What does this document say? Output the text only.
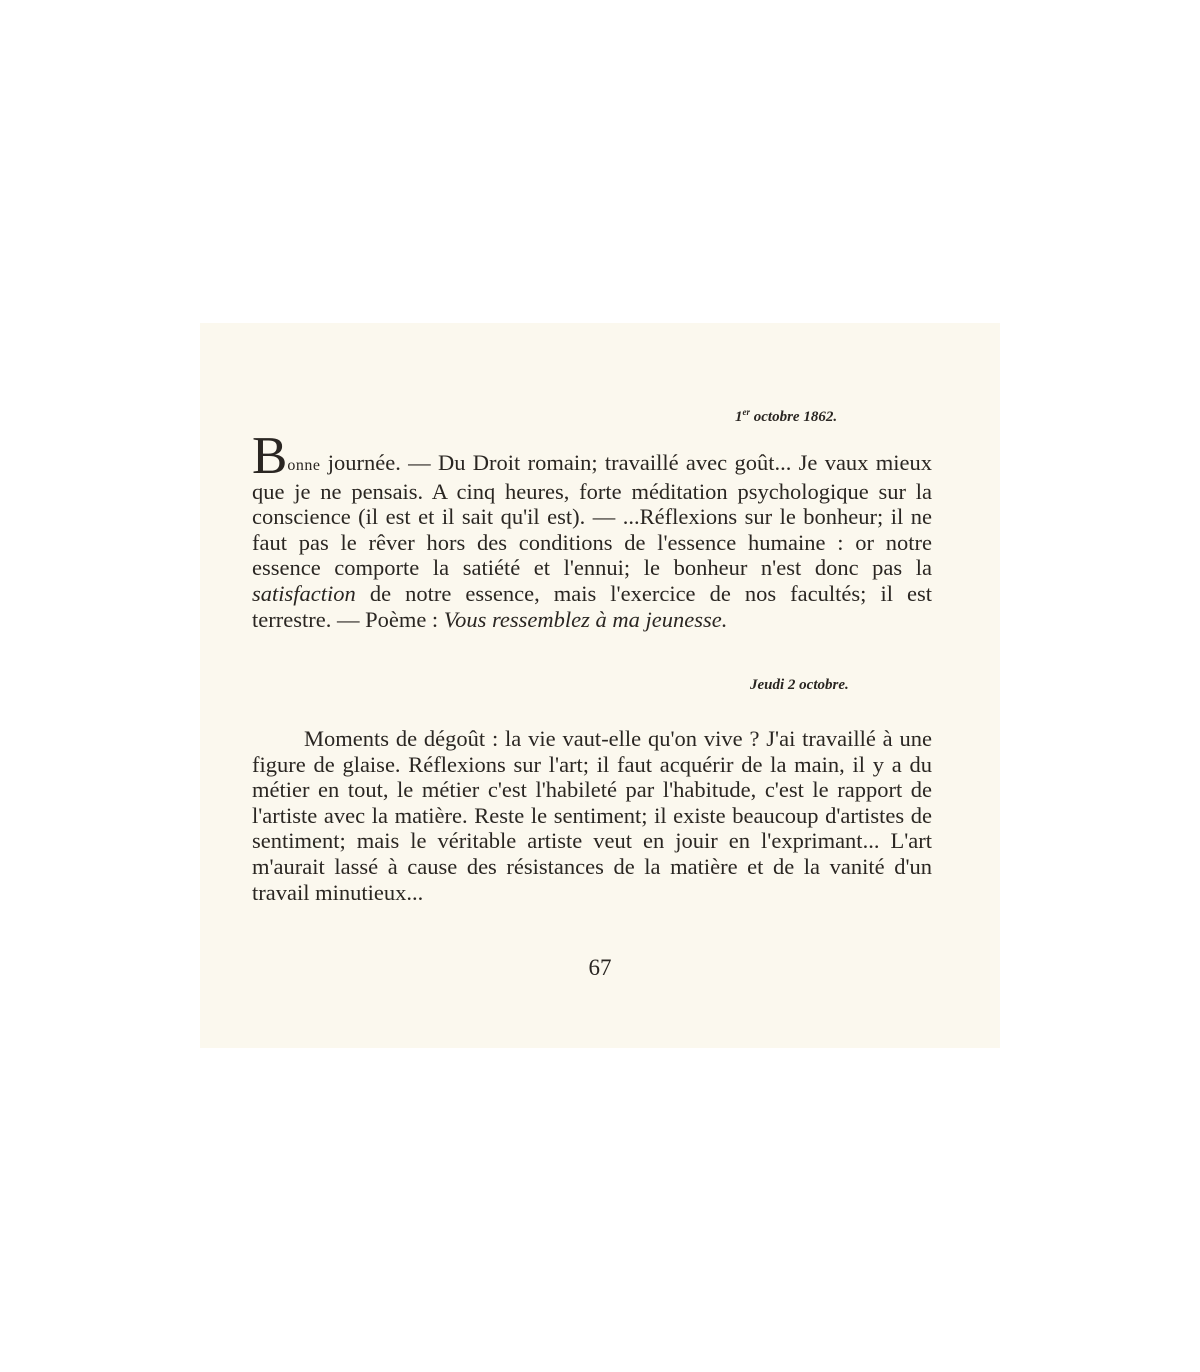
1er octobre 1862.
Bonne journée. — Du Droit romain; travaillé avec goût... Je vaux mieux que je ne pensais. A cinq heures, forte méditation psychologique sur la conscience (il est et il sait qu'il est). — ...Réflexions sur le bonheur; il ne faut pas le rêver hors des conditions de l'essence humaine : or notre essence comporte la satiété et l'ennui; le bonheur n'est donc pas la satisfaction de notre essence, mais l'exercice de nos facultés; il est terrestre. — Poème : Vous ressemblez à ma jeunesse.
Jeudi 2 octobre.
Moments de dégoût : la vie vaut-elle qu'on vive ? J'ai travaillé à une figure de glaise. Réflexions sur l'art; il faut acquérir de la main, il y a du métier en tout, le métier c'est l'habileté par l'habitude, c'est le rapport de l'artiste avec la matière. Reste le sentiment; il existe beaucoup d'artistes de sentiment; mais le véritable artiste veut en jouir en l'exprimant... L'art m'aurait lassé à cause des résistances de la matière et de la vanité d'un travail minutieux...
67
